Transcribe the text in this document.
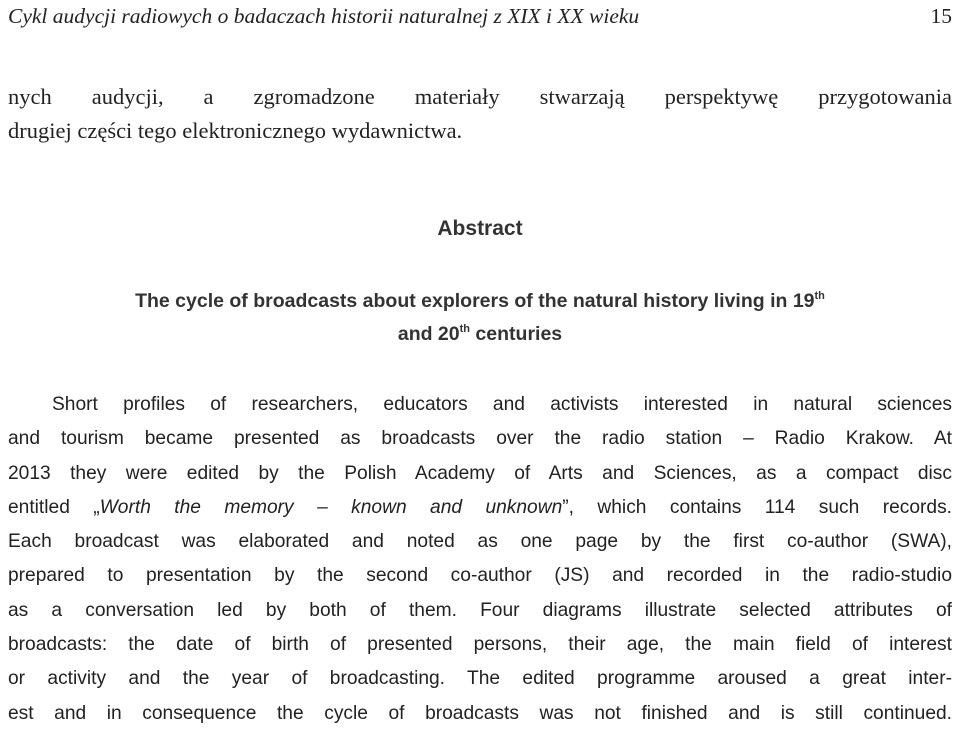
Cykl audycji radiowych o badaczach historii naturalnej z XIX i XX wieku	15
nych audycji, a zgromadzone materiały stwarzają perspektywę przygotowania
drugiej części tego elektronicznego wydawnictwa.
Abstract
The cycle of broadcasts about explorers of the natural history living in 19th
and 20th centuries
Short profiles of researchers, educators and activists interested in natural sciences
and tourism became presented as broadcasts over the radio station – Radio Krakow. At
2013 they were edited by the Polish Academy of Arts and Sciences, as a compact disc
entitled „Worth the memory – known and unknown”, which contains 114 such records.
Each broadcast was elaborated and noted as one page by the first co-author (SWA),
prepared to presentation by the second co-author (JS) and recorded in the radio-studio
as a conversation led by both of them. Four diagrams illustrate selected attributes of
broadcasts: the date of birth of presented persons, their age, the main field of interest
or activity and the year of broadcasting. The edited programme aroused a great inter-
est and in consequence the cycle of broadcasts was not finished and is still continued.
